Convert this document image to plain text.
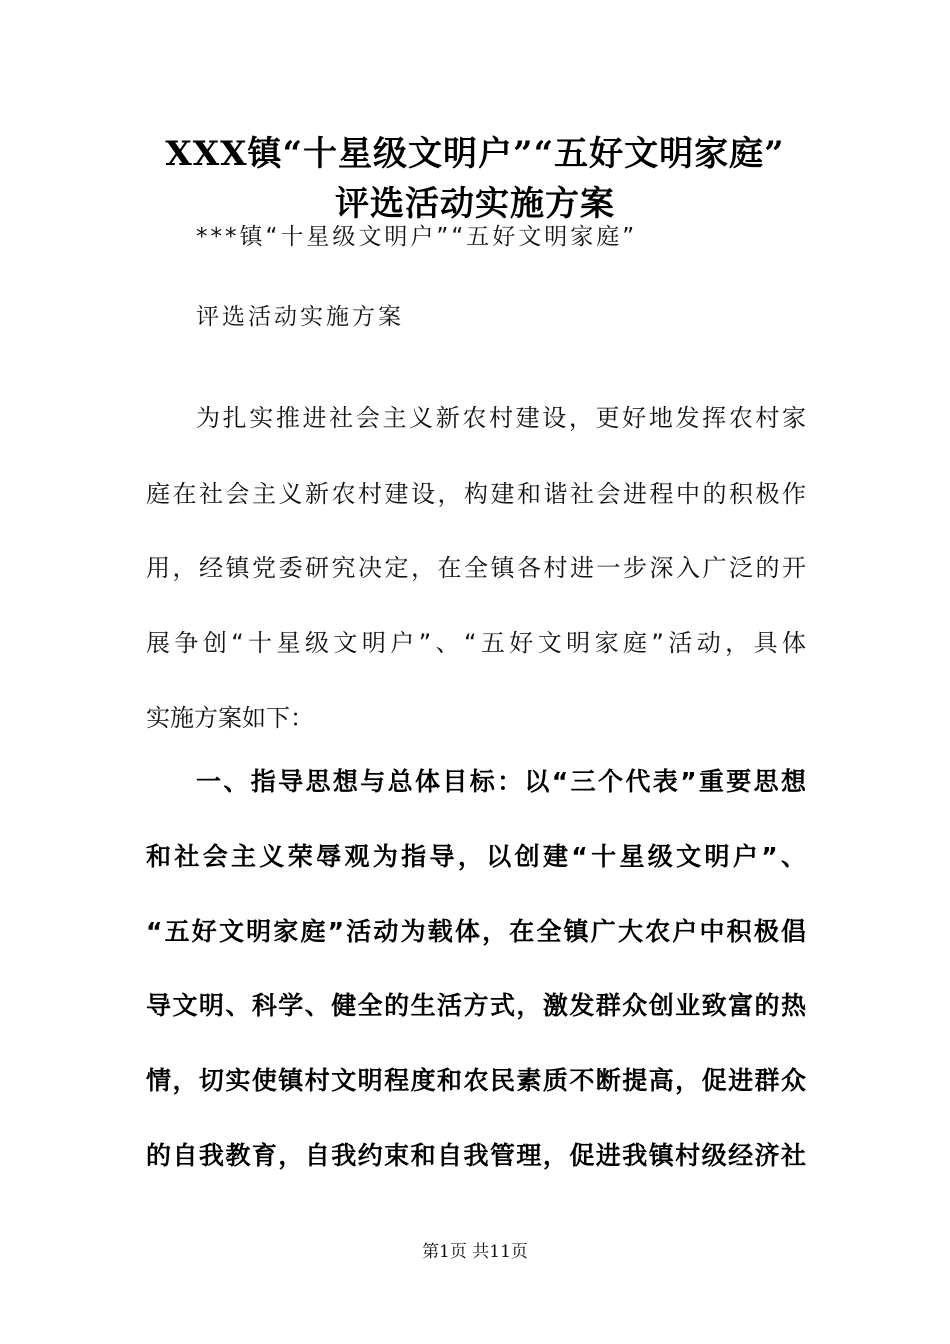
XXX镇“十星级文明户”“五好文明家庭”
评选活动实施方案
***镇“十星级文明户”“五好文明家庭”
评选活动实施方案
为扎实推进社会主义新农村建设，更好地发挥农村家
庭在社会主义新农村建设，构建和谐社会进程中的积极作
用，经镇党委研究决定，在全镇各村进一步深入广泛的开
展争创“十星级文明户”、“五好文明家庭”活动，具体
实施方案如下：
一、指导思想与总体目标：以“三个代表”重要思想
和社会主义荣辱观为指导，以创建“十星级文明户”、
“五好文明家庭”活动为载体，在全镇广大农户中积极倡
导文明、科学、健全的生活方式，激发群众创业致富的热
情，切实使镇村文明程度和农民素质不断提高，促进群众
的自我教育，自我约束和自我管理，促进我镇村级经济社
第1页 共11页
